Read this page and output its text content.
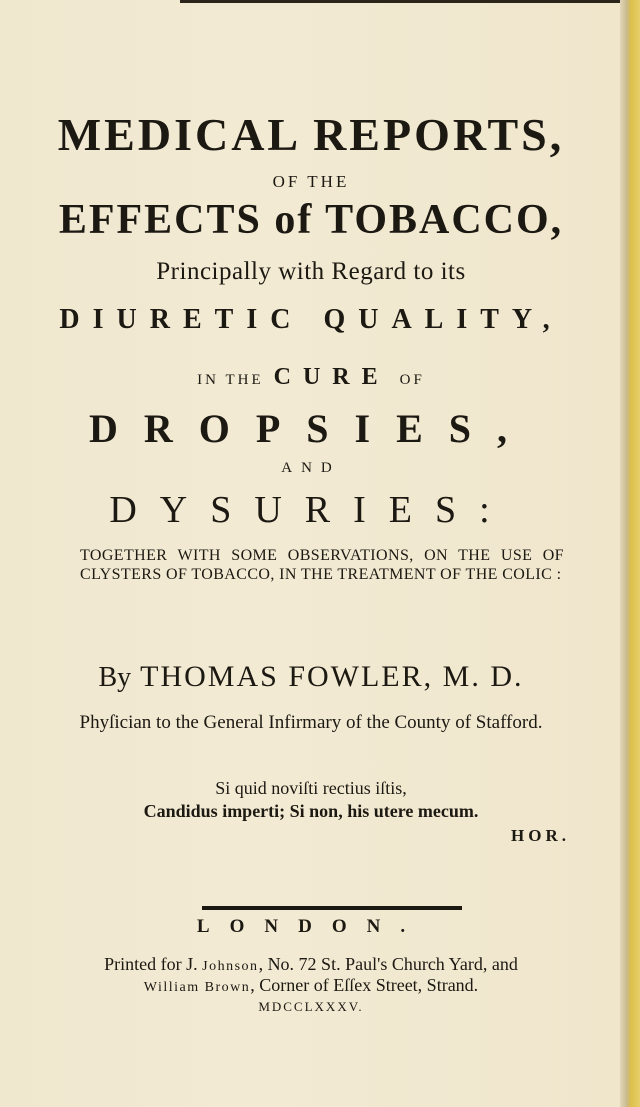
MEDICAL REPORTS,
OF THE
EFFECTS of TOBACCO,
Principally with Regard to its
DIURETIC QUALITY,
IN THE CURE OF
DROPSIES,
AND
DYSURIES:
TOGETHER WITH SOME OBSERVATIONS, ON THE USE OF CLYSTERS OF TOBACCO, IN THE TREATMENT OF THE COLIC :
By THOMAS FOWLER, M. D.
Phyſician to the General Infirmary of the County of Stafford.
Si quid noviſti rectius iſtis,
Candidus imperti; Si non, his utere mecum.
HOR.
LONDON.
Printed for J. Johnson, No. 72 St. Paul's Church Yard, and
William Brown, Corner of Eſſex Street, Strand.
MDCCLXXXV.
